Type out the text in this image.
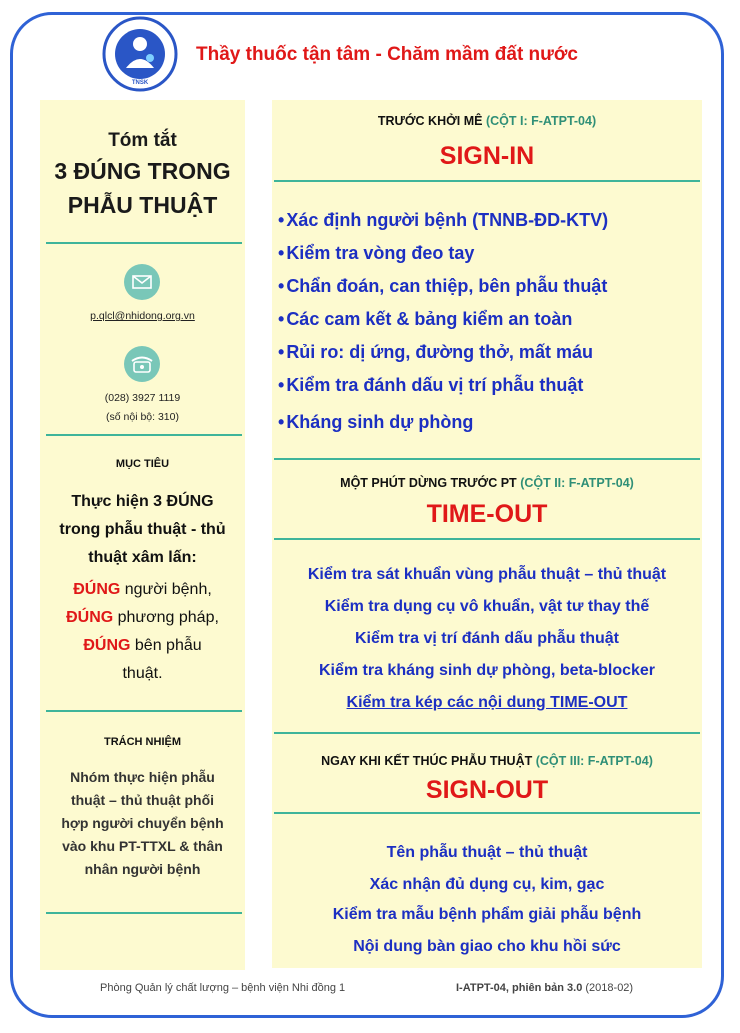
TNSK
Thầy thuốc tận tâm - Chăm mầm đất nước
Tóm tắt
3 ĐÚNG TRONG
PHẪU THUẬT
p.qlcl@nhidong.org.vn
(028) 3927 1119
(số nội bộ: 310)
MỤC TIÊU
Thực hiện 3 ĐÚNG
trong phẫu thuật - thủ
thuật xâm lấn:
ĐÚNG người bệnh,
ĐÚNG phương pháp,
ĐÚNG bên phẫu
thuật.
TRÁCH NHIỆM
Nhóm thực hiện phẫu
thuật – thủ thuật phối
hợp người chuyển bệnh
vào khu PT-TTXL & thân
nhân người bệnh
TRƯỚC KHỞI MÊ (CỘT I: F-ATPT-04)
SIGN-IN
• Xác định người bệnh (TNNB-ĐD-KTV)
• Kiểm tra vòng đeo tay
• Chẩn đoán, can thiệp, bên phẫu thuật
• Các cam kết & bảng kiểm an toàn
• Rủi ro: dị ứng, đường thở, mất máu
• Kiểm tra đánh dấu vị trí phẫu thuật
• Kháng sinh dự phòng
MỘT PHÚT DỪNG TRƯỚC PT (CỘT II: F-ATPT-04)
TIME-OUT
Kiểm tra sát khuẩn vùng phẫu thuật – thủ thuật
Kiểm tra dụng cụ vô khuẩn, vật tư thay thế
Kiểm tra vị trí đánh dấu phẫu thuật
Kiểm tra kháng sinh dự phòng, beta-blocker
Kiểm tra kép các nội dung TIME-OUT
NGAY KHI KẾT THÚC PHẪU THUẬT (CỘT III: F-ATPT-04)
SIGN-OUT
Tên phẫu thuật – thủ thuật
Xác nhận đủ dụng cụ, kim, gạc
Kiểm tra mẫu bệnh phẩm giải phẫu bệnh
Nội dung bàn giao cho khu hồi sức
Phòng Quản lý chất lượng – bệnh viện Nhi đồng 1	I-ATPT-04, phiên bản 3.0 (2018-02)
